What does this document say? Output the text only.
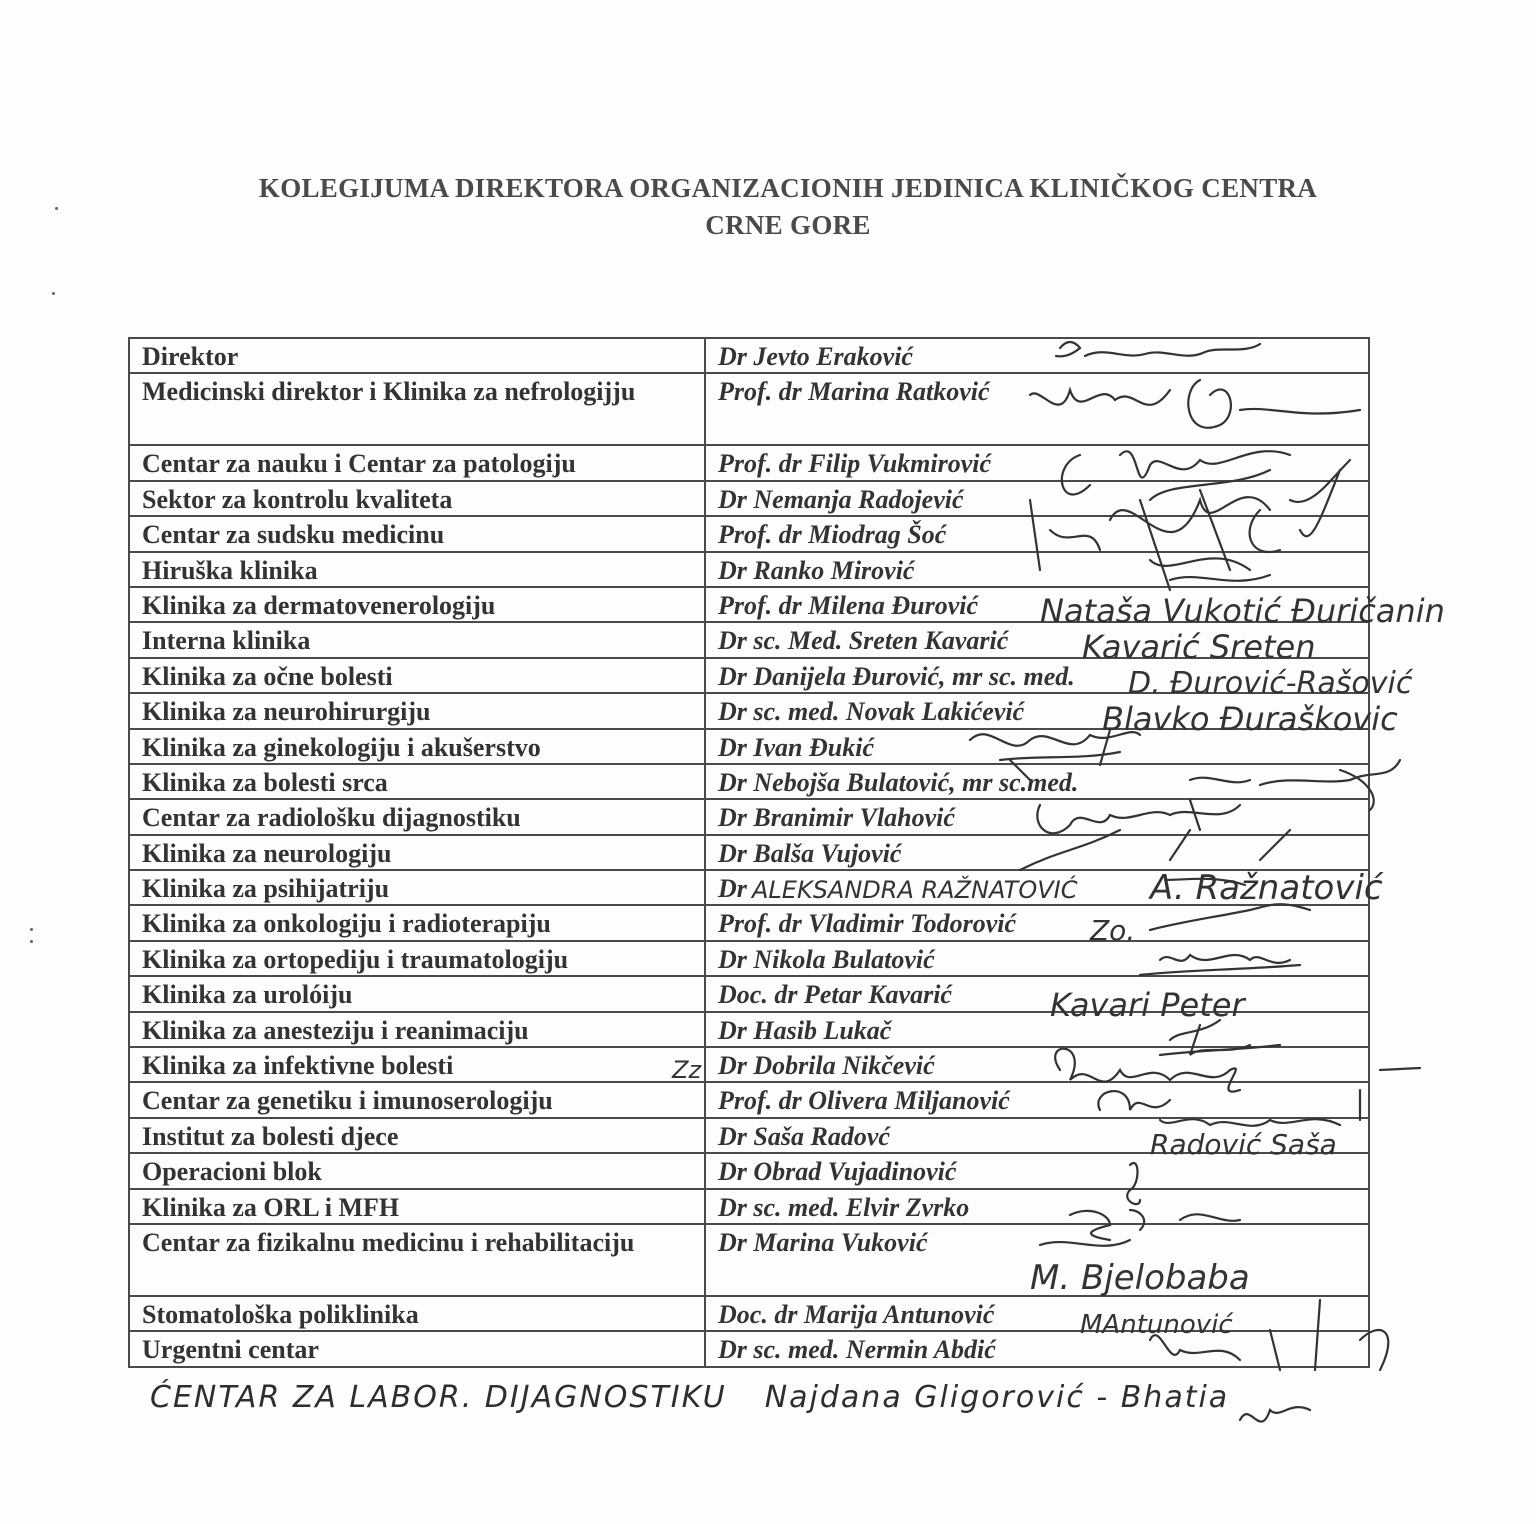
KOLEGIJUMA DIREKTORA ORGANIZACIONIH JEDINICA KLINIČKOG CENTRA
CRNE GORE
Direktor	Dr Jevto Eraković
Medicinski direktor i Klinika za nefrologijju	Prof. dr Marina Ratković
Centar za nauku i Centar za patologiju	Prof. dr Filip Vukmirović
Sektor za kontrolu kvaliteta	Dr Nemanja Radojević
Centar za sudsku medicinu	Prof. dr Miodrag Šoć
Hiruška klinika	Dr Ranko Mirović
Klinika za dermatovenerologiju	Prof. dr Milena Đurović
Interna klinika	Dr sc. Med. Sreten Kavarić
Klinika za očne bolesti	Dr Danijela Đurović, mr sc. med.
Klinika za neurohirurgiju	Dr sc. med. Novak Lakićević
Klinika za ginekologiju i akušerstvo	Dr Ivan Đukić
Klinika za bolesti srca	Dr Nebojša Bulatović, mr sc.med.
Centar za radiološku dijagnostiku	Dr Branimir Vlahović
Klinika za neurologiju	Dr Balša Vujović
Klinika za psihijatriju	Dr
Klinika za onkologiju i radioterapiju	Prof. dr Vladimir Todorović
Klinika za ortopediju i traumatologiju	Dr Nikola Bulatović
Klinika za urolóiju	Doc. dr Petar Kavarić
Klinika za anesteziju i reanimaciju	Dr Hasib Lukač
Klinika za infektivne bolesti	Dr Dobrila Nikčević
Centar za genetiku i imunoserologiju	Prof. dr Olivera Miljanović
Institut za bolesti djece	Dr Saša Radovć
Operacioni blok	Dr Obrad Vujadinović
Klinika za ORL i MFH	Dr sc. med. Elvir Zvrko
Centar za fizikalnu medicinu i rehabilitaciju	Dr Marina Vuković
Stomatološka poliklinika	Doc. dr Marija Antunović
Urgentni centar	Dr sc. med. Nermin Abdić
Nataša Vukotić Đuričanin
Kavarić Sreten
D. Đurović-Rašović
Blavko Đuraškovic
ALEKSANDRA RAŽNATOVIĆ A. Ražnatović
Zo.
Kavari Peter
Zz
Radović Saša
M. Bjelobaba
MAntunović
ĆENTAR ZA LABOR. DIJAGNOSTIKU Najdana Gligorović - Bhatia
